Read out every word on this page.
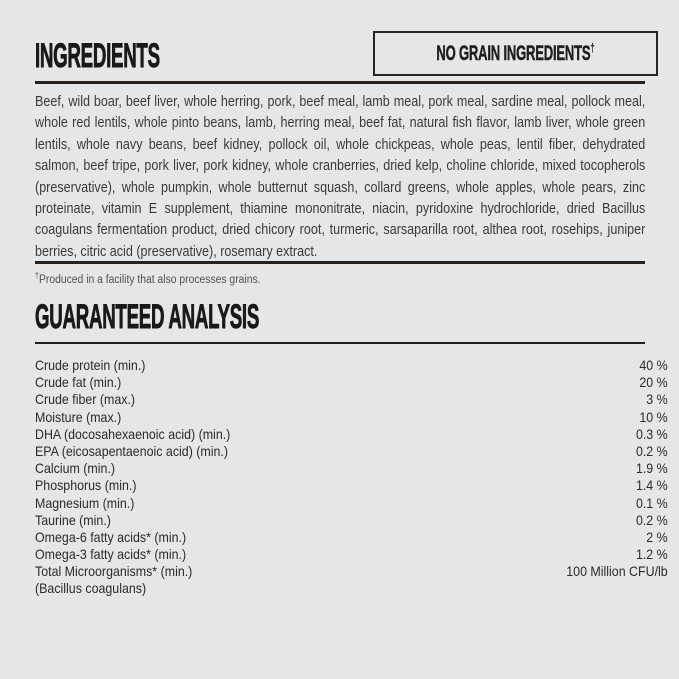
INGREDIENTS	NO GRAIN INGREDIENTS†

Beef, wild boar, beef liver, whole herring, pork, beef meal, lamb meal, pork meal, sardine meal, pollock meal, whole red lentils, whole pinto beans, lamb, herring meal, beef fat, natural fish flavor, lamb liver, whole green lentils, whole navy beans, beef kidney, pollock oil, whole chickpeas, whole peas, lentil fiber, dehydrated salmon, beef tripe, pork liver, pork kidney, whole cranberries, dried kelp, choline chloride, mixed tocopherols (preservative), whole pumpkin, whole butternut squash, collard greens, whole apples, whole pears, zinc proteinate, vitamin E supplement, thiamine mononitrate, niacin, pyridoxine hydrochloride, dried Bacillus coagulans fermentation product, dried chicory root, turmeric, sarsaparilla root, althea root, rosehips, juniper berries, citric acid (preservative), rosemary extract.

†Produced in a facility that also processes grains.

GUARANTEED ANALYSIS
Crude protein (min.)	40 %
Crude fat (min.)	20 %
Crude fiber (max.)	3 %
Moisture (max.)	10 %
DHA (docosahexaenoic acid) (min.)	0.3 %
EPA (eicosapentaenoic acid) (min.)	0.2 %
Calcium (min.)	1.9 %
Phosphorus (min.)	1.4 %
Magnesium (min.)	0.1 %
Taurine (min.)	0.2 %
Omega-6 fatty acids* (min.)	2 %
Omega-3 fatty acids* (min.)	1.2 %
Total Microorganisms* (min.)	100 Million CFU/lb
(Bacillus coagulans)
